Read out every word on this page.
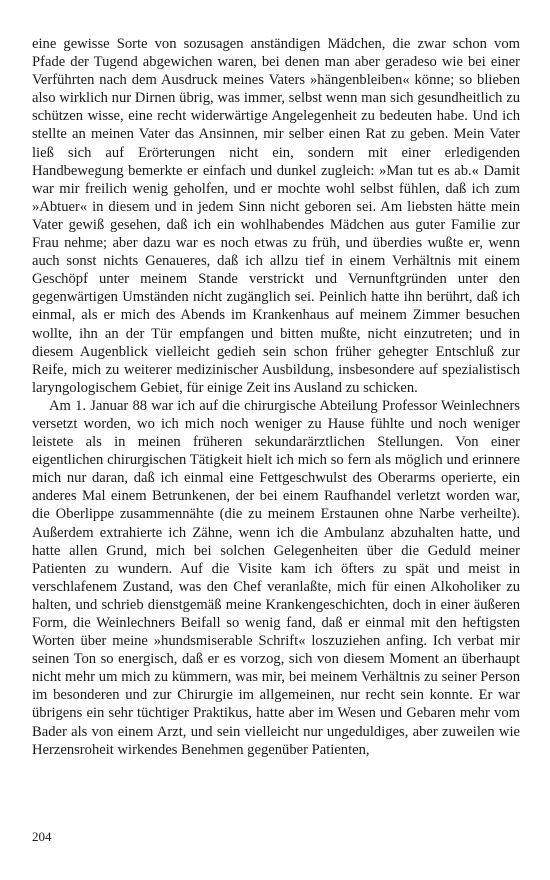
eine gewisse Sorte von sozusagen anständigen Mädchen, die zwar schon vom Pfade der Tugend abgewichen waren, bei denen man aber geradeso wie bei einer Verführten nach dem Ausdruck meines Vaters »hängenbleiben« könne; so blieben also wirklich nur Dirnen übrig, was immer, selbst wenn man sich gesundheitlich zu schützen wisse, eine recht widerwärtige Angelegenheit zu bedeuten habe. Und ich stellte an meinen Vater das Ansinnen, mir selber einen Rat zu geben. Mein Vater ließ sich auf Erörterungen nicht ein, sondern mit einer erledigenden Handbewegung bemerkte er einfach und dunkel zugleich: »Man tut es ab.« Damit war mir freilich wenig geholfen, und er mochte wohl selbst fühlen, daß ich zum »Abtuer« in diesem und in jedem Sinn nicht geboren sei. Am liebsten hätte mein Vater gewiß gesehen, daß ich ein wohlhabendes Mädchen aus guter Familie zur Frau nehme; aber dazu war es noch etwas zu früh, und überdies wußte er, wenn auch sonst nichts Genaueres, daß ich allzu tief in einem Verhältnis mit einem Geschöpf unter meinem Stande verstrickt und Vernunftgründen unter den gegenwärtigen Umständen nicht zugänglich sei. Peinlich hatte ihn berührt, daß ich einmal, als er mich des Abends im Krankenhaus auf meinem Zimmer besuchen wollte, ihn an der Tür empfangen und bitten mußte, nicht einzutreten; und in diesem Augenblick vielleicht gedieh sein schon früher gehegter Entschluß zur Reife, mich zu weiterer medizinischer Ausbildung, insbesondere auf spezialistisch laryngologischem Gebiet, für einige Zeit ins Ausland zu schicken.

Am 1. Januar 88 war ich auf die chirurgische Abteilung Professor Weinlechners versetzt worden, wo ich mich noch weniger zu Hause fühlte und noch weniger leistete als in meinen früheren sekundarärztlichen Stellungen. Von einer eigentlichen chirurgischen Tätigkeit hielt ich mich so fern als möglich und erinnere mich nur daran, daß ich einmal eine Fettgeschwulst des Oberarms operierte, ein anderes Mal einem Betrunkenen, der bei einem Raufhandel verletzt worden war, die Oberlippe zusammennähte (die zu meinem Erstaunen ohne Narbe verheilte). Außerdem extrahierte ich Zähne, wenn ich die Ambulanz abzuhalten hatte, und hatte allen Grund, mich bei solchen Gelegenheiten über die Geduld meiner Patienten zu wundern. Auf die Visite kam ich öfters zu spät und meist in verschlafenem Zustand, was den Chef veranlaßte, mich für einen Alkoholiker zu halten, und schrieb dienstgemäß meine Krankengeschichten, doch in einer äußeren Form, die Weinlechners Beifall so wenig fand, daß er einmal mit den heftigsten Worten über meine »hundsmiserable Schrift« loszuziehen anfing. Ich verbat mir seinen Ton so energisch, daß er es vorzog, sich von diesem Moment an überhaupt nicht mehr um mich zu kümmern, was mir, bei meinem Verhältnis zu seiner Person im besonderen und zur Chirurgie im allgemeinen, nur recht sein konnte. Er war übrigens ein sehr tüchtiger Praktikus, hatte aber im Wesen und Gebaren mehr vom Bader als von einem Arzt, und sein vielleicht nur ungeduldiges, aber zuweilen wie Herzensroheit wirkendes Benehmen gegenüber Patienten,

204
